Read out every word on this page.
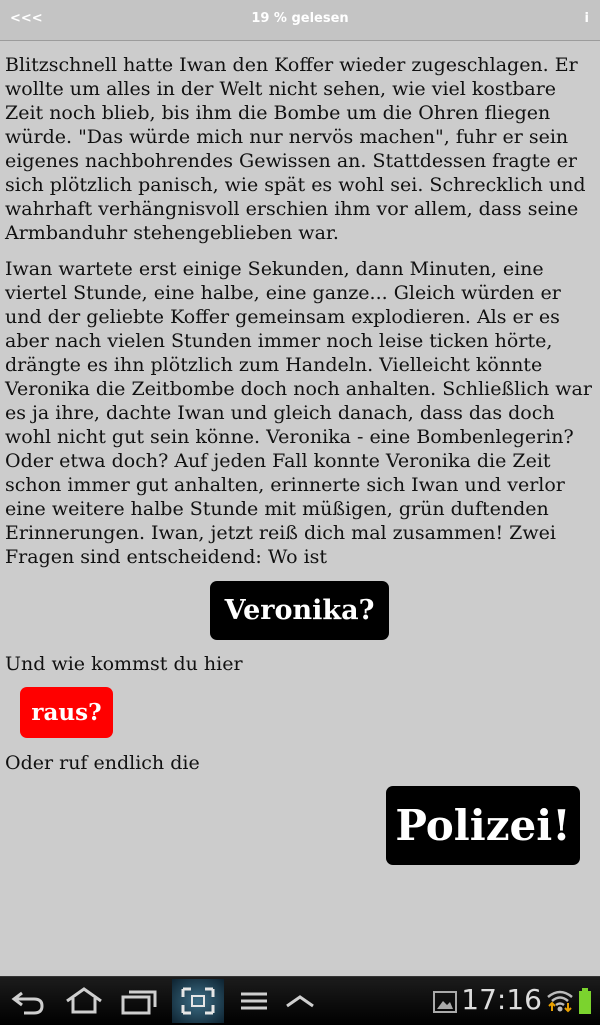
<<<	19 % gelesen	i

Blitzschnell hatte Iwan den Koffer wieder zugeschlagen. Er wollte um alles in der Welt nicht sehen, wie viel kostbare Zeit noch blieb, bis ihm die Bombe um die Ohren fliegen würde. "Das würde mich nur nervös machen", fuhr er sein eigenes nachbohrendes Gewissen an. Stattdessen fragte er sich plötzlich panisch, wie spät es wohl sei. Schrecklich und wahrhaft verhängnisvoll erschien ihm vor allem, dass seine Armbanduhr stehengeblieben war.

Iwan wartete erst einige Sekunden, dann Minuten, eine viertel Stunde, eine halbe, eine ganze... Gleich würden er und der geliebte Koffer gemeinsam explodieren. Als er es aber nach vielen Stunden immer noch leise ticken hörte, drängte es ihn plötzlich zum Handeln. Vielleicht könnte Veronika die Zeitbombe doch noch anhalten. Schließlich war es ja ihre, dachte Iwan und gleich danach, dass das doch wohl nicht gut sein könne. Veronika - eine Bombenlegerin? Oder etwa doch? Auf jeden Fall konnte Veronika die Zeit schon immer gut anhalten, erinnerte sich Iwan und verlor eine weitere halbe Stunde mit müßigen, grün duftenden Erinnerungen. Iwan, jetzt reiß dich mal zusammen! Zwei Fragen sind entscheidend: Wo ist

Veronika?
Und wie kommst du hier
raus?
Oder ruf endlich die
Polizei!
17:16
